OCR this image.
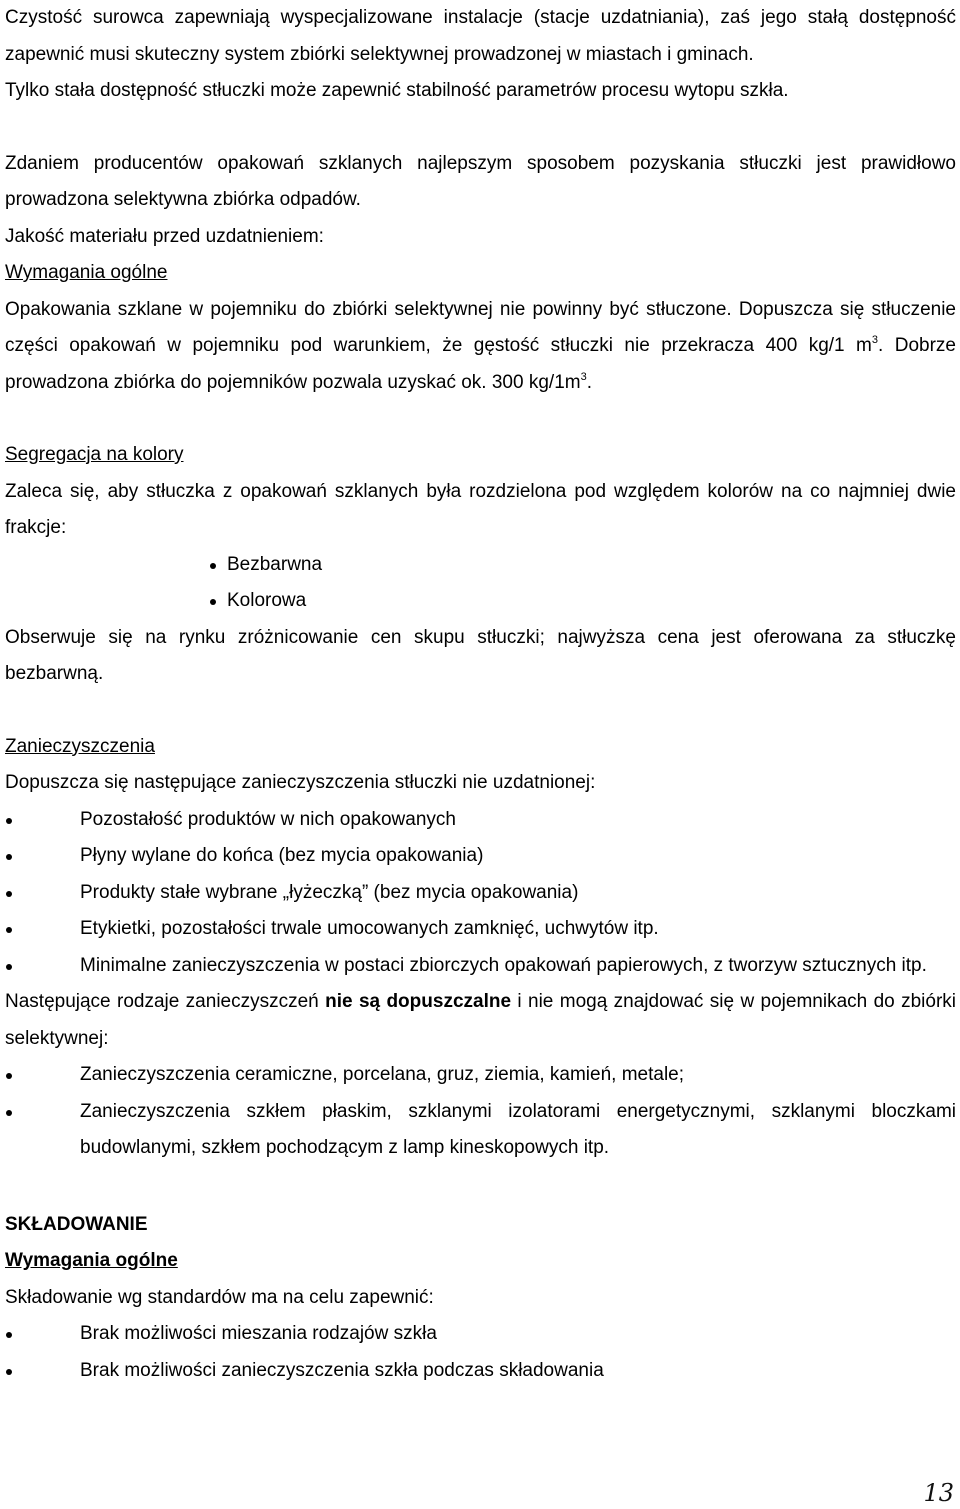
Czystość surowca zapewniają wyspecjalizowane instalacje (stacje uzdatniania), zaś jego stałą dostępność zapewnić musi skuteczny system zbiórki selektywnej prowadzonej w miastach i gminach.

Tylko stała dostępność stłuczki może zapewnić stabilność parametrów procesu wytopu szkła.

Zdaniem producentów opakowań szklanych najlepszym sposobem pozyskania stłuczki jest prawidłowo prowadzona selektywna zbiórka odpadów.

Jakość materiału przed uzdatnieniem:

Wymagania ogólne

Opakowania szklane w pojemniku do zbiórki selektywnej nie powinny być stłuczone. Dopuszcza się stłuczenie części opakowań w pojemniku pod warunkiem, że gęstość stłuczki nie przekracza 400 kg/1 $m^3$. Dobrze prowadzona zbiórka do pojemników pozwala uzyskać ok. 300 $kg/1m^3$.

Segregacja na kolory

Zaleca się, aby stłuczka z opakowań szklanych była rozdzielona pod względem kolorów na co najmniej dwie frakcje:

Bezbarwna
Kolorowa

Obserwuje się na rynku zróżnicowanie cen skupu stłuczki; najwyższa cena jest oferowana za stłuczkę bezbarwną.

Zanieczyszczenia

Dopuszcza się następujące zanieczyszczenia stłuczki nie uzdatnionej:

Pozostałość produktów w nich opakowanych
Płyny wylane do końca (bez mycia opakowania)
Produkty stałe wybrane „łyżeczką” (bez mycia opakowania)
Etykietki, pozostałości trwale umocowanych zamknięć, uchwytów itp.
Minimalne zanieczyszczenia w postaci zbiorczych opakowań papierowych, z tworzyw sztucznych itp.

Następujące rodzaje zanieczyszczeń nie są dopuszczalne i nie mogą znajdować się w pojemnikach do zbiórki selektywnej:

Zanieczyszczenia ceramiczne, porcelana, gruz, ziemia, kamień, metale;
Zanieczyszczenia szkłem płaskim, szklanymi izolatorami energetycznymi, szklanymi bloczkami budowlanymi, szkłem pochodzącym z lamp kineskopowych itp.

SKŁADOWANIE

Wymagania ogólne

Składowanie wg standardów ma na celu zapewnić:

Brak możliwości mieszania rodzajów szkła
Brak możliwości zanieczyszczenia szkła podczas składowania
13
